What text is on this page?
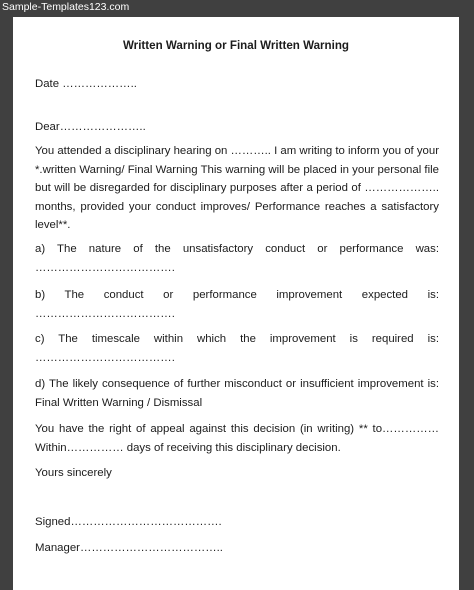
Sample-Templates123.com
Written Warning or Final Written Warning
Date ………………..
Dear…………………..
You attended a disciplinary hearing on ……….. I am writing to inform you of your
*.written Warning/ Final Warning This warning will be placed in your personal file
but will be disregarded for disciplinary purposes after a period of ………………..
months, provided your conduct improves/ Performance reaches a satisfactory
level**.
a) The nature of the unsatisfactory conduct or performance was:
……………………………….
b) The conduct or performance improvement expected is:
……………………………….
c) The timescale within which the improvement is required is:
……………………………….
d) The likely consequence of further misconduct or insufficient improvement is:
Final Written Warning / Dismissal
You have the right of appeal against this decision (in writing) ** to……………
Within…………… days of receiving this disciplinary decision.
Yours sincerely
Signed………………………………….
Manager………………………………..
